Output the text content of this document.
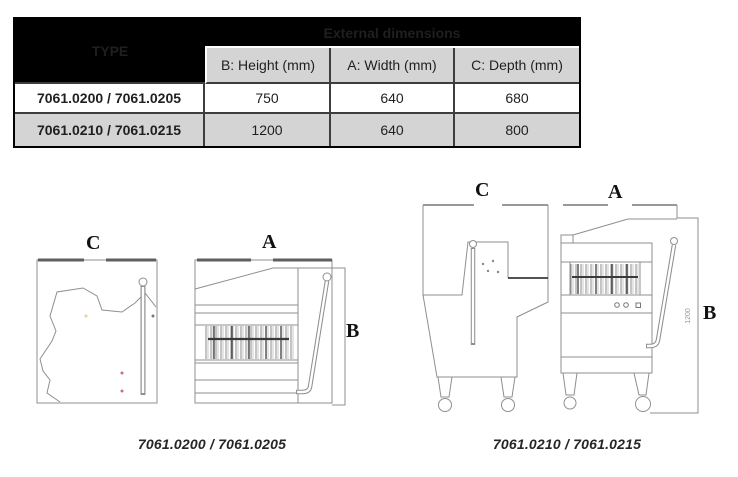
TYPE	External dimensions		
	B: Height (mm)	A: Width (mm)	C: Depth (mm)
7061.0200 / 7061.0205	750	640	680
7061.0210 / 7061.0215	1200	640	800
C	A
B
C	A
B
1200
7061.0200 / 7061.0205	7061.0210 / 7061.0215
